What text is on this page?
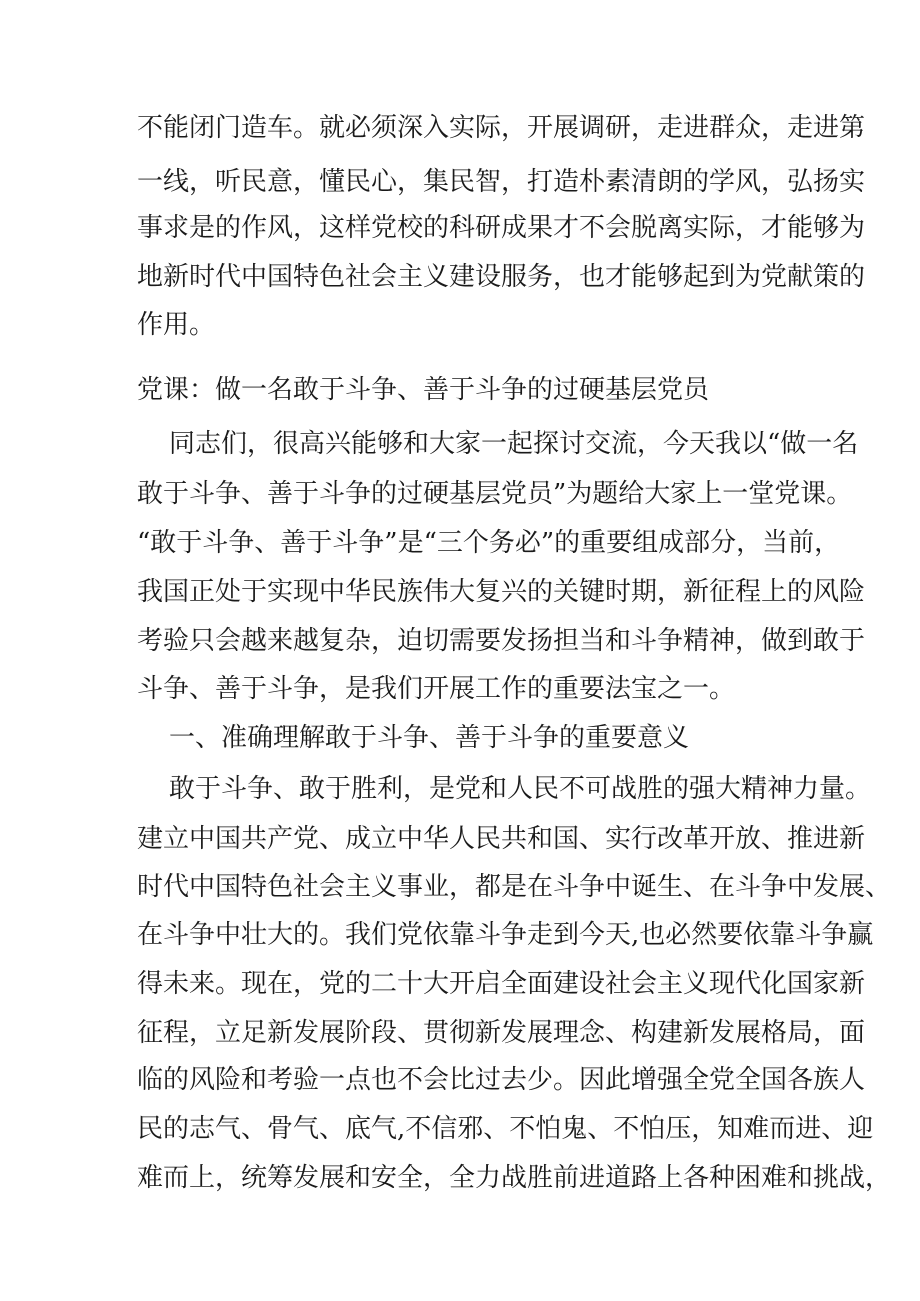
不能闭门造车。就必须深入实际，开展调研，走进群众，走进第
一线，听民意，懂民心，集民智，打造朴素清朗的学风，弘扬实
事求是的作风，这样党校的科研成果才不会脱离实际，才能够为
地新时代中国特色社会主义建设服务，也才能够起到为党献策的
作用。
党课：做一名敢于斗争、善于斗争的过硬基层党员
同志们，很高兴能够和大家一起探讨交流，今天我以“做一名
敢于斗争、善于斗争的过硬基层党员”为题给大家上一堂党课。
“敢于斗争、善于斗争”是“三个务必”的重要组成部分，当前，
我国正处于实现中华民族伟大复兴的关键时期，新征程上的风险
考验只会越来越复杂，迫切需要发扬担当和斗争精神，做到敢于
斗争、善于斗争，是我们开展工作的重要法宝之一。
一、准确理解敢于斗争、善于斗争的重要意义
敢于斗争、敢于胜利，是党和人民不可战胜的强大精神力量。
建立中国共产党、成立中华人民共和国、实行改革开放、推进新
时代中国特色社会主义事业，都是在斗争中诞生、在斗争中发展、
在斗争中壮大的。我们党依靠斗争走到今天,也必然要依靠斗争赢
得未来。现在，党的二十大开启全面建设社会主义现代化国家新
征程，立足新发展阶段、贯彻新发展理念、构建新发展格局，面
临的风险和考验一点也不会比过去少。因此增强全党全国各族人
民的志气、骨气、底气,不信邪、不怕鬼、不怕压，知难而进、迎
难而上，统筹发展和安全，全力战胜前进道路上各种困难和挑战，
